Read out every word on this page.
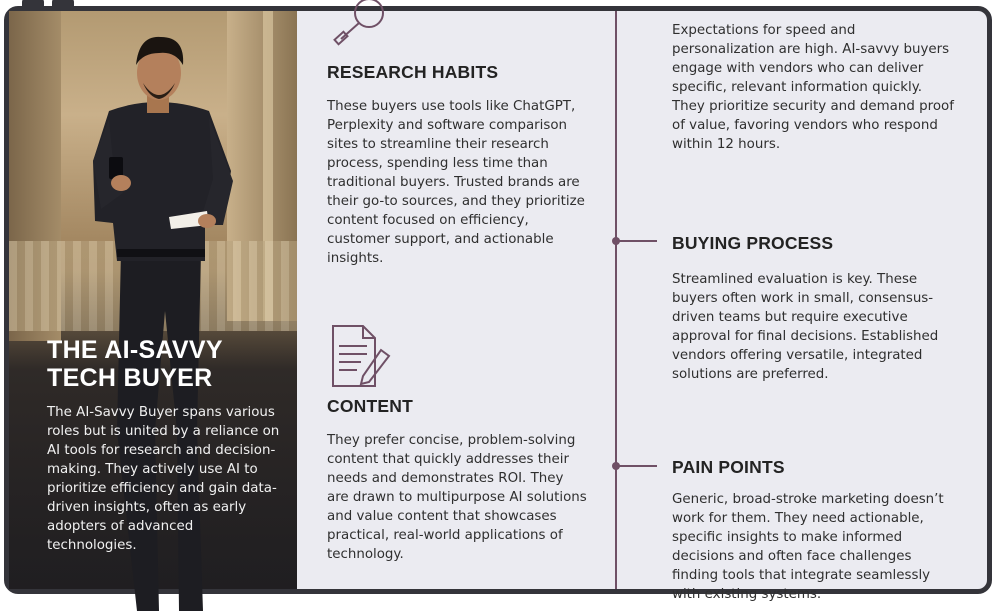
THE AI-SAVVY
TECH BUYER

The AI-Savvy Buyer spans various roles but is united by a reliance on AI tools for research and decision-making. They actively use AI to prioritize efficiency and gain data-driven insights, often as early adopters of advanced technologies.

RESEARCH HABITS

These buyers use tools like ChatGPT, Perplexity and software comparison sites to streamline their research process, spending less time than traditional buyers. Trusted brands are their go-to sources, and they prioritize content focused on efficiency, customer support, and actionable insights.

CONTENT

They prefer concise, problem-solving content that quickly addresses their needs and demonstrates ROI. They are drawn to multipurpose AI solutions and value content that showcases practical, real-world applications of technology.

Expectations for speed and personalization are high. AI-savvy buyers engage with vendors who can deliver specific, relevant information quickly. They prioritize security and demand proof of value, favoring vendors who respond within 12 hours.

BUYING PROCESS

Streamlined evaluation is key. These buyers often work in small, consensus-driven teams but require executive approval for final decisions. Established vendors offering versatile, integrated solutions are preferred.

PAIN POINTS

Generic, broad-stroke marketing doesn’t work for them. They need actionable, specific insights to make informed decisions and often face challenges finding tools that integrate seamlessly with existing systems.
